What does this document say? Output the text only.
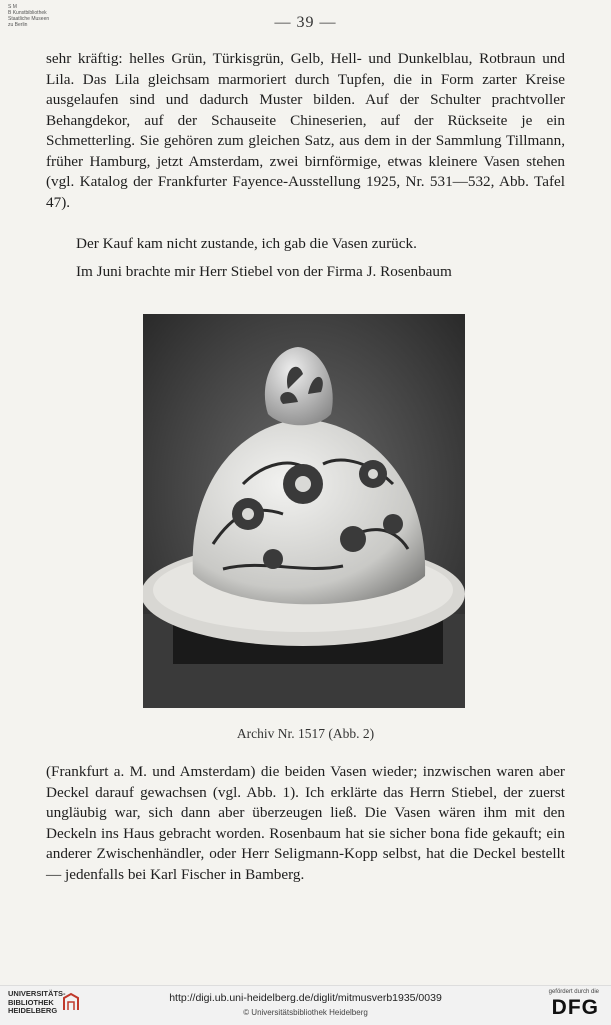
S M
B Kunstbibliothek
Staatliche Museen
zu Berlin	— 39 —

sehr kräftig: helles Grün, Türkisgrün, Gelb, Hell- und Dunkelblau, Rotbraun und Lila. Das Lila gleichsam marmoriert durch Tupfen, die in Form zarter Kreise ausgelaufen sind und dadurch Muster bilden. Auf der Schulter prachtvoller Behangdekor, auf der Schauseite Chineserien, auf der Rückseite je ein Schmetterling. Sie gehören zum gleichen Satz, aus dem in der Sammlung Tillmann, früher Hamburg, jetzt Amsterdam, zwei birnförmige, etwas kleinere Vasen stehen (vgl. Katalog der Frankfurter Fayence-Ausstellung 1925, Nr. 531—532, Abb. Tafel 47).

Der Kauf kam nicht zustande, ich gab die Vasen zurück.

Im Juni brachte mir Herr Stiebel von der Firma J. Rosenbaum

Archiv Nr. 1517 (Abb. 2)

(Frankfurt a. M. und Amsterdam) die beiden Vasen wieder; inzwischen waren aber Deckel darauf gewachsen (vgl. Abb. 1). Ich erklärte das Herrn Stiebel, der zuerst ungläubig war, sich dann aber überzeugen ließ. Die Vasen wären ihm mit den Deckeln ins Haus gebracht worden. Rosenbaum hat sie sicher bona fide gekauft; ein anderer Zwischenhändler, oder Herr Seligmann-Kopp selbst, hat die Deckel bestellt — jedenfalls bei Karl Fischer in Bamberg.

UNIVERSITÄTS-
BIBLIOTHEK
HEIDELBERG
http://digi.ub.uni-heidelberg.de/diglit/mitmusverb1935/0039
© Universitätsbibliothek Heidelberg
gefördert durch die
DFG
